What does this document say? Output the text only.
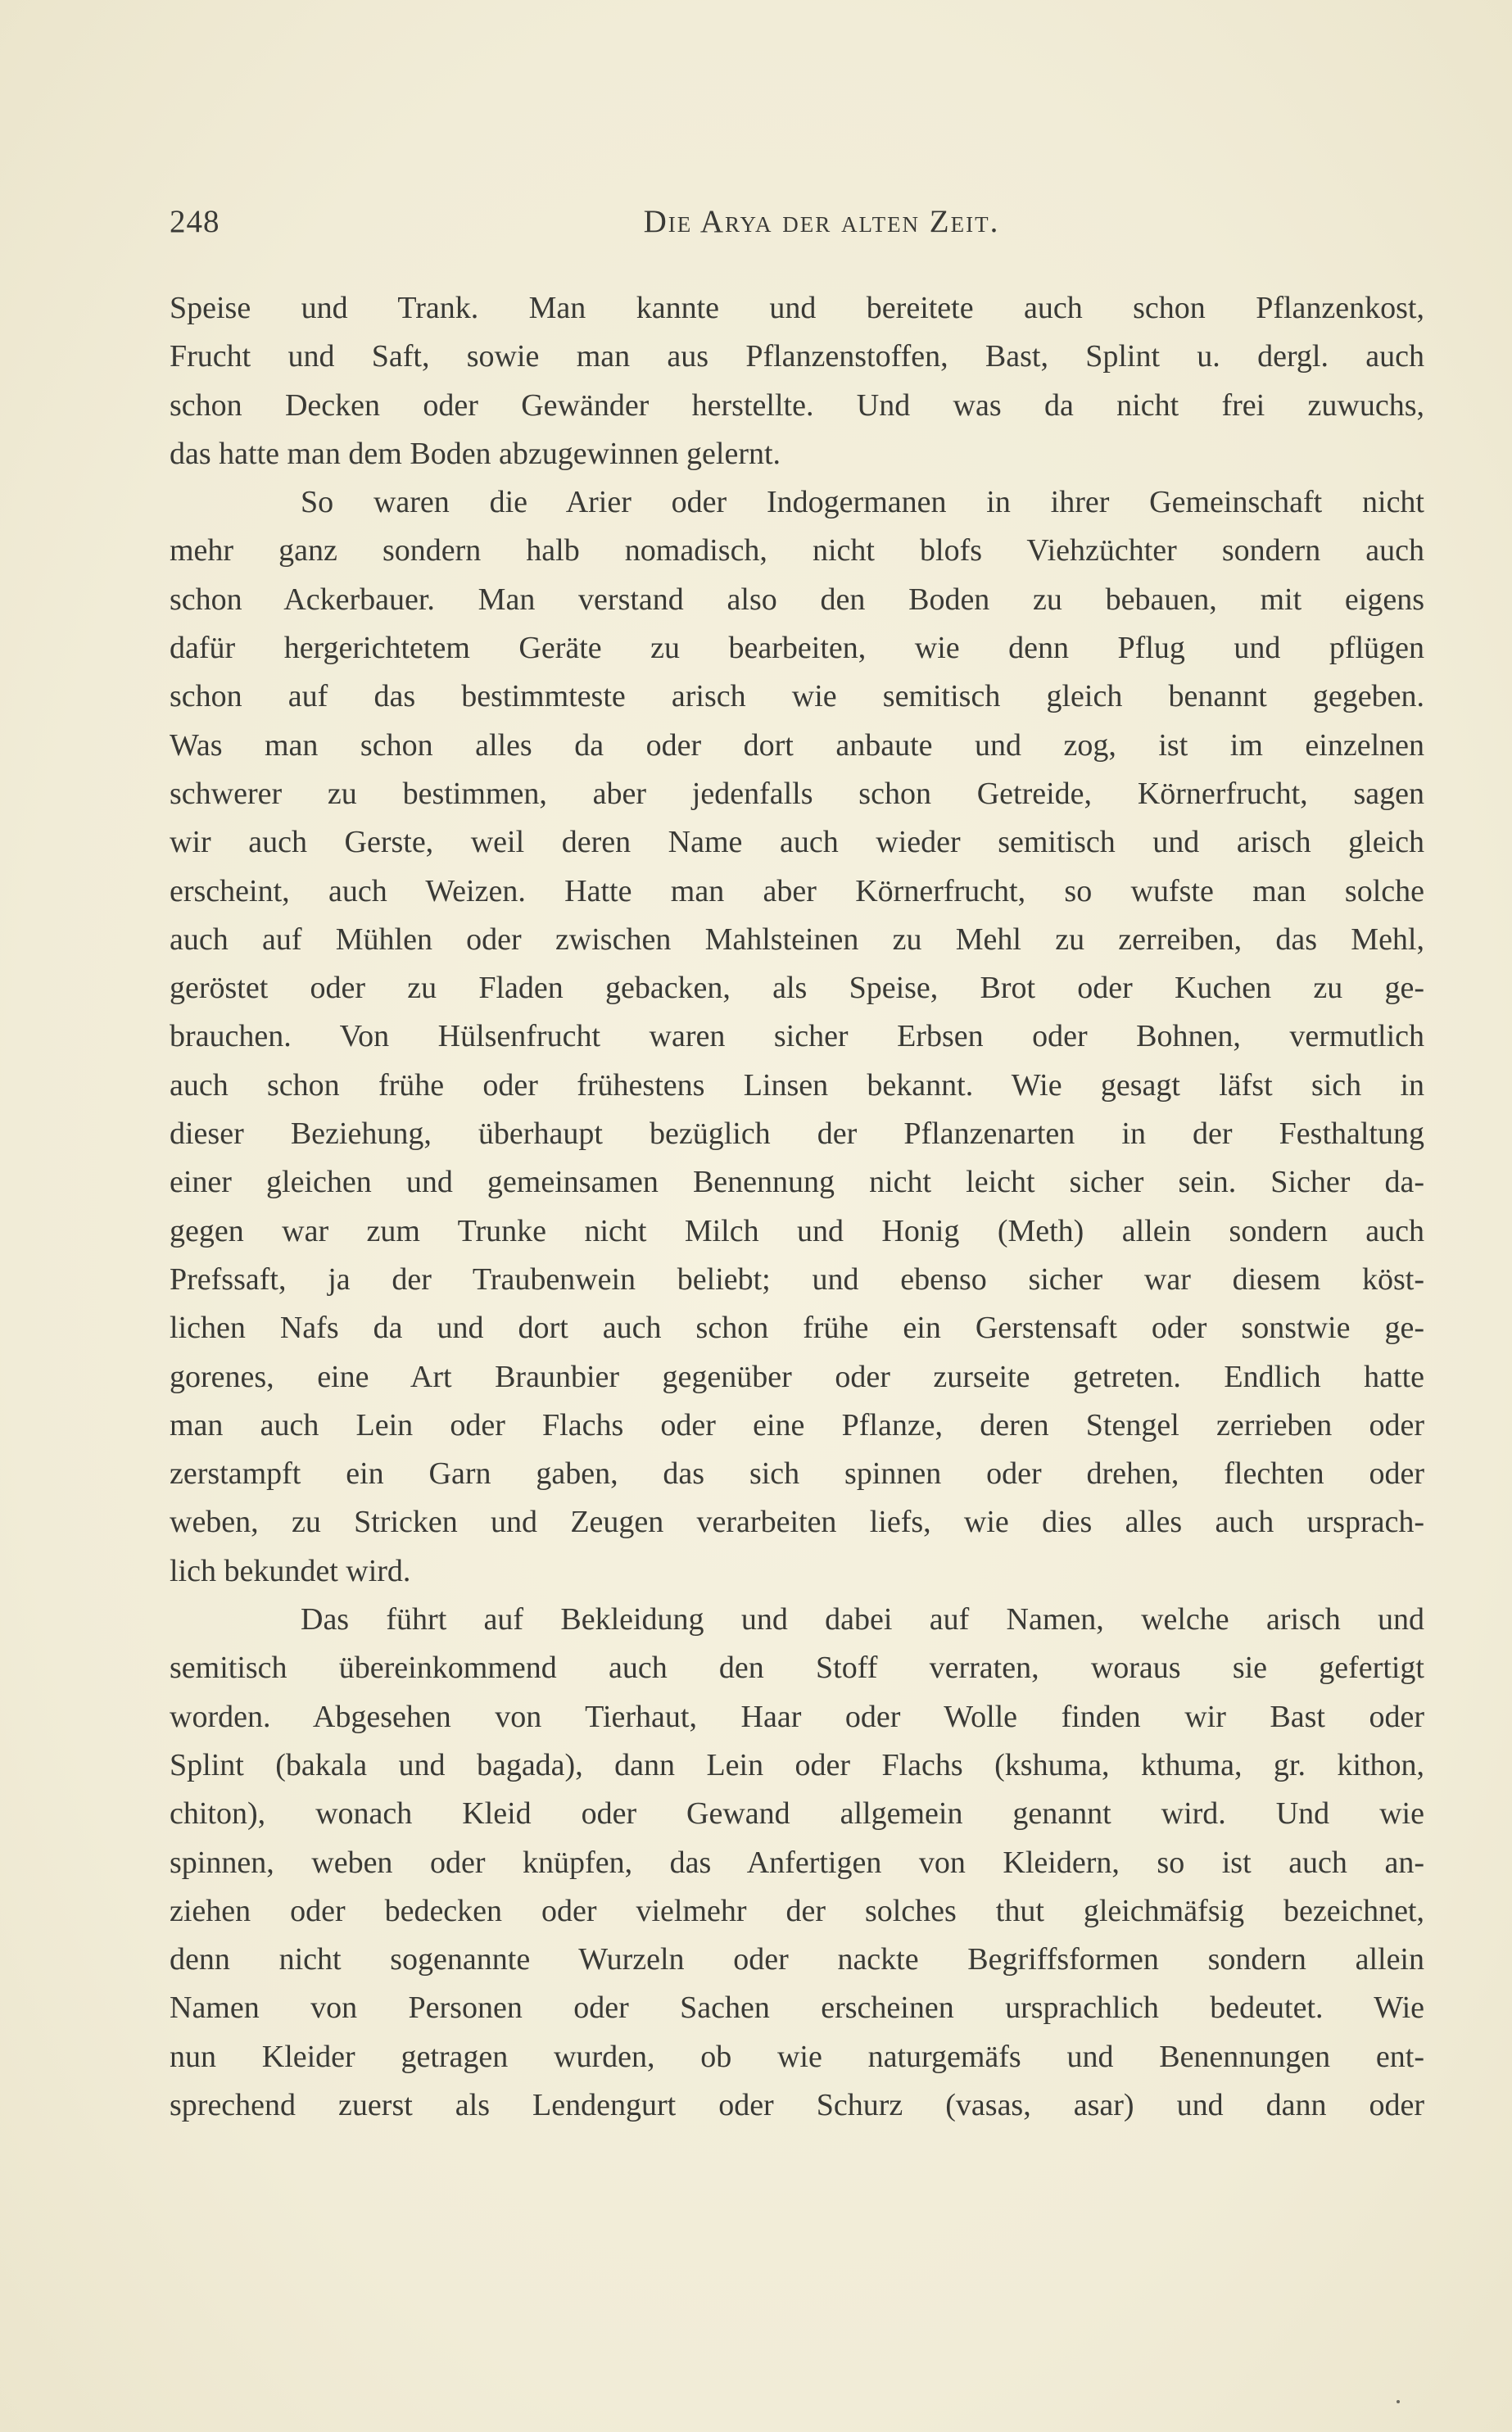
248	Die Arya der alten Zeit.
Speise und Trank. Man kannte und bereitete auch schon Pflanzenkost,
Frucht und Saft, sowie man aus Pflanzenstoffen, Bast, Splint u. dergl. auch
schon Decken oder Gewänder herstellte. Und was da nicht frei zuwuchs,
das hatte man dem Boden abzugewinnen gelernt.
So waren die Arier oder Indogermanen in ihrer Gemeinschaft nicht
mehr ganz sondern halb nomadisch, nicht blofs Viehzüchter sondern auch
schon Ackerbauer. Man verstand also den Boden zu bebauen, mit eigens
dafür hergerichtetem Geräte zu bearbeiten, wie denn Pflug und pflügen
schon auf das bestimmteste arisch wie semitisch gleich benannt gegeben.
Was man schon alles da oder dort anbaute und zog, ist im einzelnen
schwerer zu bestimmen, aber jedenfalls schon Getreide, Körnerfrucht, sagen
wir auch Gerste, weil deren Name auch wieder semitisch und arisch gleich
erscheint, auch Weizen. Hatte man aber Körnerfrucht, so wufste man solche
auch auf Mühlen oder zwischen Mahlsteinen zu Mehl zu zerreiben, das Mehl,
geröstet oder zu Fladen gebacken, als Speise, Brot oder Kuchen zu ge-
brauchen. Von Hülsenfrucht waren sicher Erbsen oder Bohnen, vermutlich
auch schon frühe oder frühestens Linsen bekannt. Wie gesagt läfst sich in
dieser Beziehung, überhaupt bezüglich der Pflanzenarten in der Festhaltung
einer gleichen und gemeinsamen Benennung nicht leicht sicher sein. Sicher da-
gegen war zum Trunke nicht Milch und Honig (Meth) allein sondern auch
Prefssaft, ja der Traubenwein beliebt; und ebenso sicher war diesem köst-
lichen Nafs da und dort auch schon frühe ein Gerstensaft oder sonstwie ge-
gorenes, eine Art Braunbier gegenüber oder zurseite getreten. Endlich hatte
man auch Lein oder Flachs oder eine Pflanze, deren Stengel zerrieben oder
zerstampft ein Garn gaben, das sich spinnen oder drehen, flechten oder
weben, zu Stricken und Zeugen verarbeiten liefs, wie dies alles auch ursprach-
lich bekundet wird.
Das führt auf Bekleidung und dabei auf Namen, welche arisch und
semitisch übereinkommend auch den Stoff verraten, woraus sie gefertigt
worden. Abgesehen von Tierhaut, Haar oder Wolle finden wir Bast oder
Splint (bakala und bagada), dann Lein oder Flachs (kshuma, kthuma, gr. kithon,
chiton), wonach Kleid oder Gewand allgemein genannt wird. Und wie
spinnen, weben oder knüpfen, das Anfertigen von Kleidern, so ist auch an-
ziehen oder bedecken oder vielmehr der solches thut gleichmäfsig bezeichnet,
denn nicht sogenannte Wurzeln oder nackte Begriffsformen sondern allein
Namen von Personen oder Sachen erscheinen ursprachlich bedeutet. Wie
nun Kleider getragen wurden, ob wie naturgemäfs und Benennungen ent-
sprechend zuerst als Lendengurt oder Schurz (vasas, asar) und dann oder
